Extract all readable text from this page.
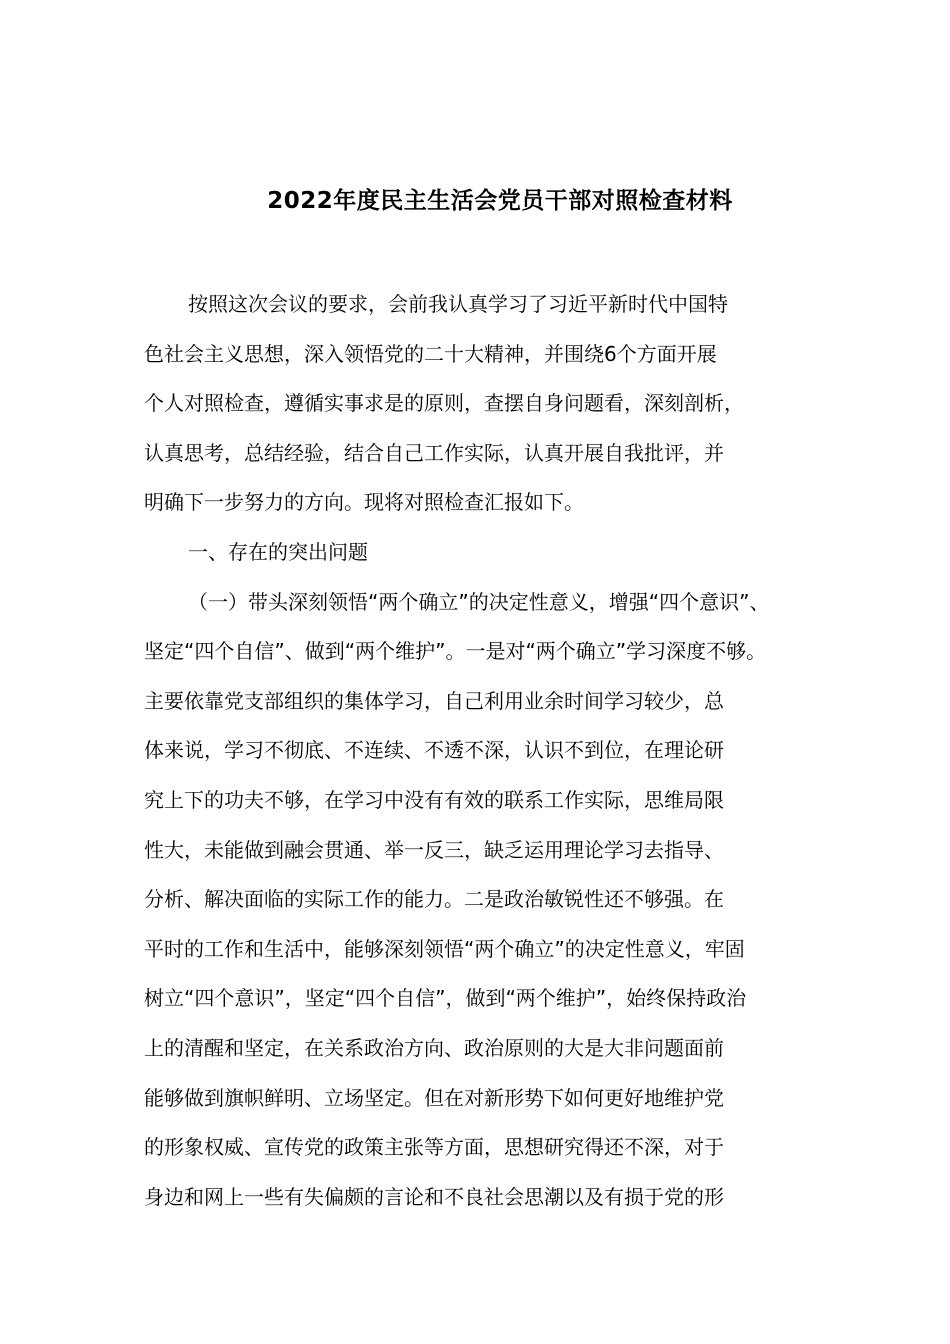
2022年度民主生活会党员干部对照检查材料
按照这次会议的要求，会前我认真学习了习近平新时代中国特
色社会主义思想，深入领悟党的二十大精神，并围绕6个方面开展
个人对照检查，遵循实事求是的原则，查摆自身问题看，深刻剖析，
认真思考，总结经验，结合自己工作实际，认真开展自我批评，并
明确下一步努力的方向。现将对照检查汇报如下。
一、存在的突出问题
（一）带头深刻领悟“两个确立”的决定性意义，增强“四个意识”、
坚定“四个自信”、做到“两个维护”。一是对“两个确立”学习深度不够。
主要依靠党支部组织的集体学习，自己利用业余时间学习较少，总
体来说，学习不彻底、不连续、不透不深，认识不到位，在理论研
究上下的功夫不够，在学习中没有有效的联系工作实际，思维局限
性大，未能做到融会贯通、举一反三，缺乏运用理论学习去指导、
分析、解决面临的实际工作的能力。二是政治敏锐性还不够强。在
平时的工作和生活中，能够深刻领悟“两个确立”的决定性意义，牢固
树立“四个意识”，坚定“四个自信”，做到“两个维护”，始终保持政治
上的清醒和坚定，在关系政治方向、政治原则的大是大非问题面前
能够做到旗帜鲜明、立场坚定。但在对新形势下如何更好地维护党
的形象权威、宣传党的政策主张等方面，思想研究得还不深，对于
身边和网上一些有失偏颇的言论和不良社会思潮以及有损于党的形
